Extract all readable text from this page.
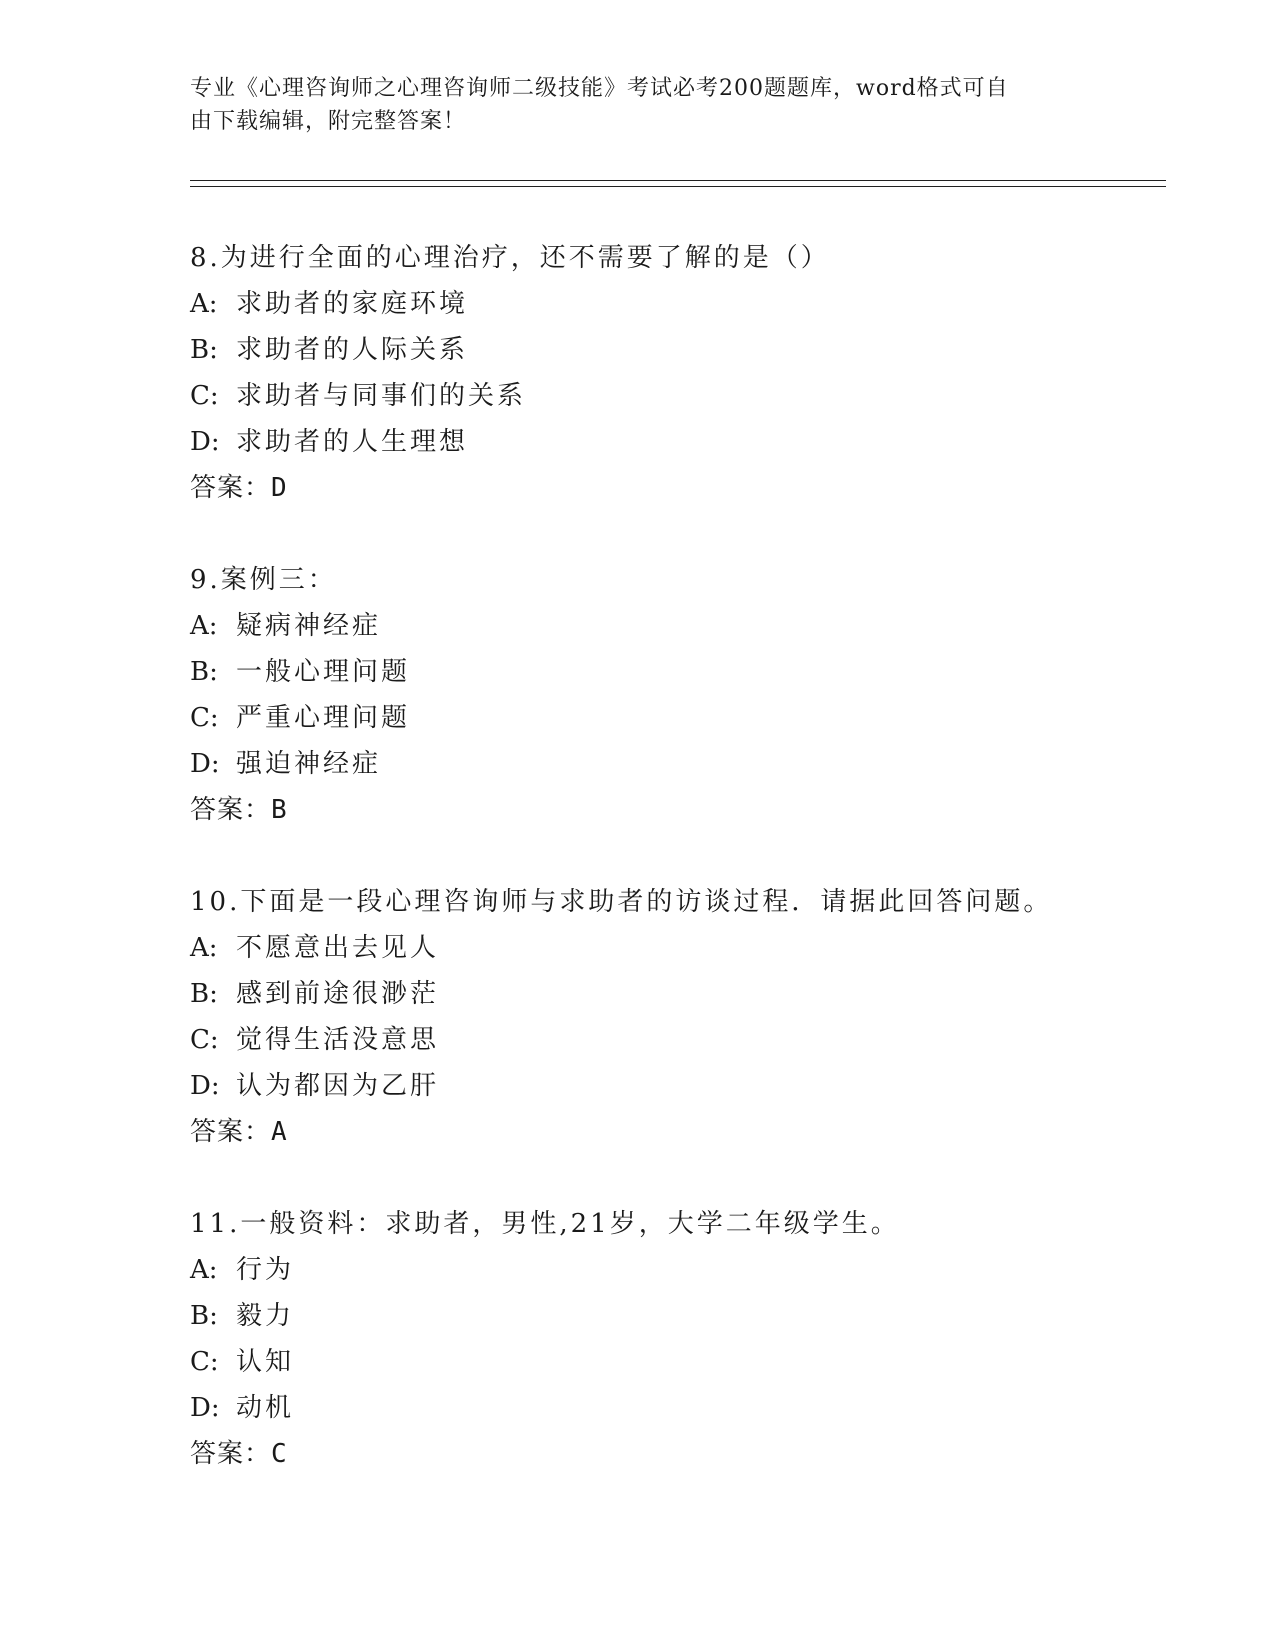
专业《心理咨询师之心理咨询师二级技能》考试必考200题题库，word格式可自
由下载编辑，附完整答案！
8.为进行全面的心理治疗，还不需要了解的是（）
A: 求助者的家庭环境
B: 求助者的人际关系
C: 求助者与同事们的关系
D: 求助者的人生理想
答案：D
9.案例三：
A: 疑病神经症
B: 一般心理问题
C: 严重心理问题
D: 强迫神经症
答案：B
10.下面是一段心理咨询师与求助者的访谈过程．请据此回答问题。
A: 不愿意出去见人
B: 感到前途很渺茫
C: 觉得生活没意思
D: 认为都因为乙肝
答案：A
11.一般资料：求助者，男性,21岁，大学二年级学生。
A: 行为
B: 毅力
C: 认知
D: 动机
答案：C
